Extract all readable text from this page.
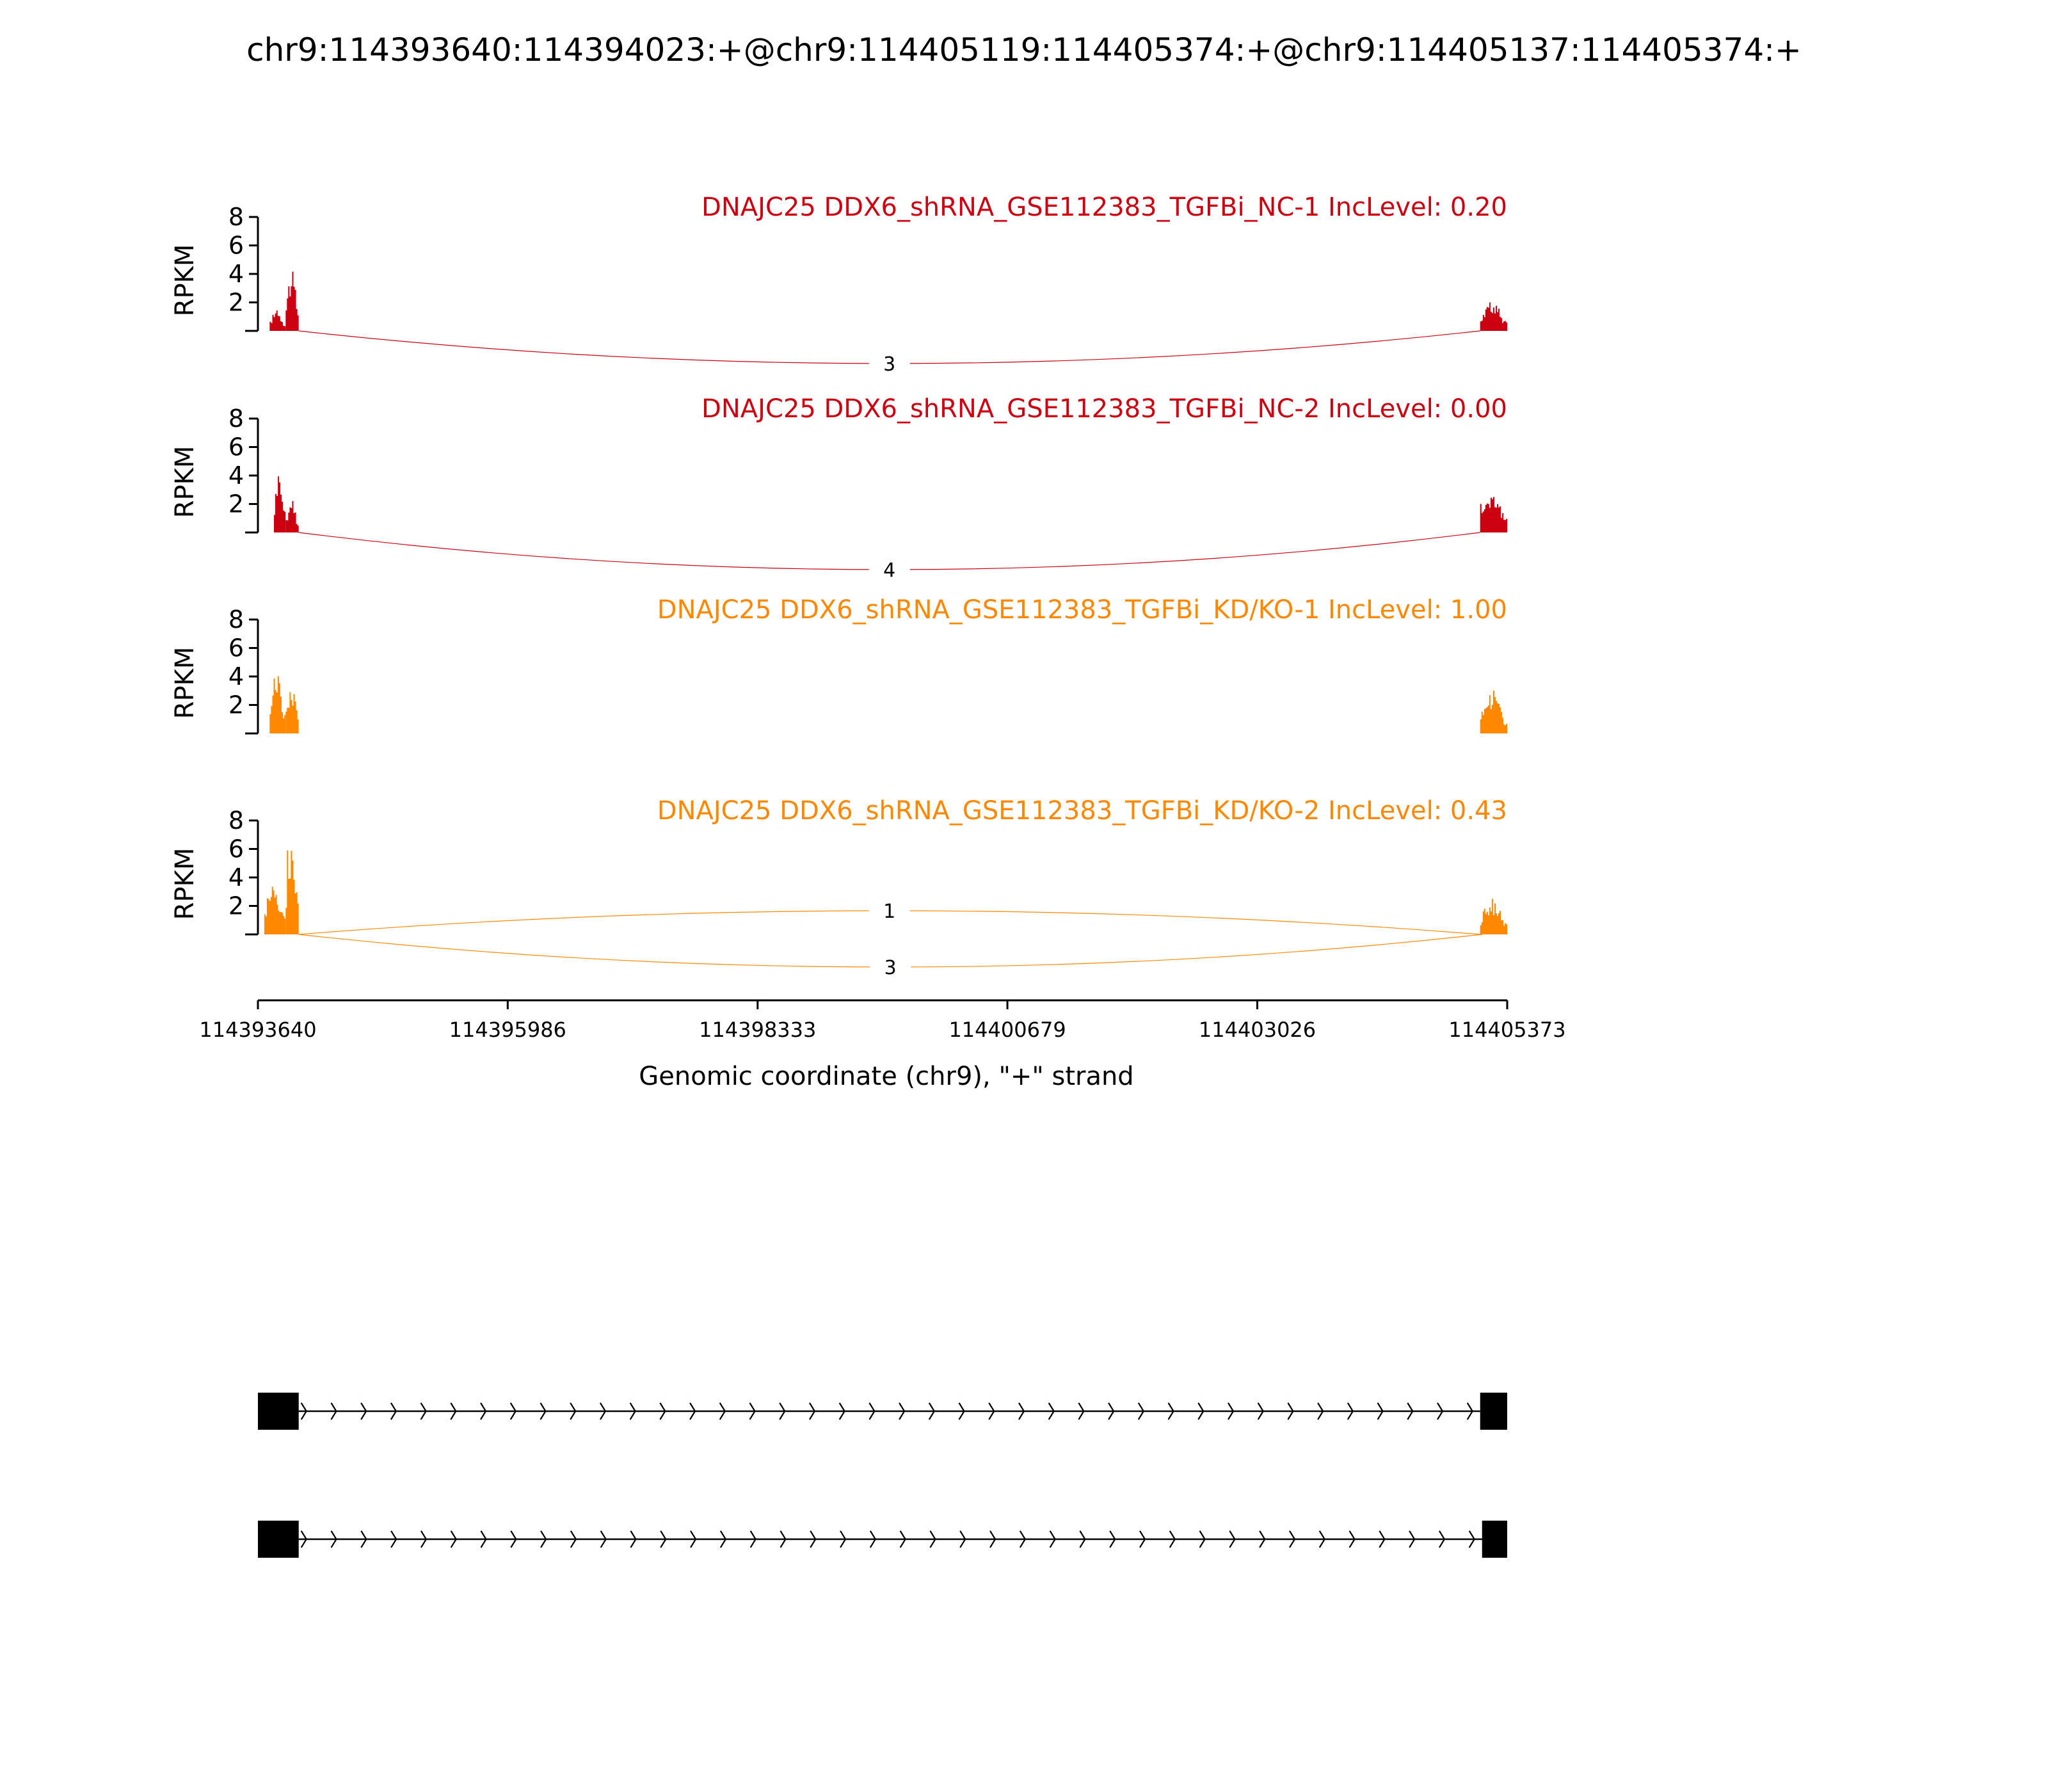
chr9:114393640:114394023:+@chr9:114405119:114405374:+@chr9:114405137:114405374:+
DNAJC25 DDX6_shRNA_GSE112383_TGFBi_NC-1 IncLevel: 0.20
2
4
6
8
RPKM
3
DNAJC25 DDX6_shRNA_GSE112383_TGFBi_NC-2 IncLevel: 0.00
2
4
6
8
RPKM
4
DNAJC25 DDX6_shRNA_GSE112383_TGFBi_KD/KO-1 IncLevel: 1.00
2
4
6
8
RPKM
DNAJC25 DDX6_shRNA_GSE112383_TGFBi_KD/KO-2 IncLevel: 0.43
2
4
6
8
RPKM	1
3
114393640	114395986	114398333	114400679	114403026	114405373
Genomic coordinate (chr9), "+" strand
